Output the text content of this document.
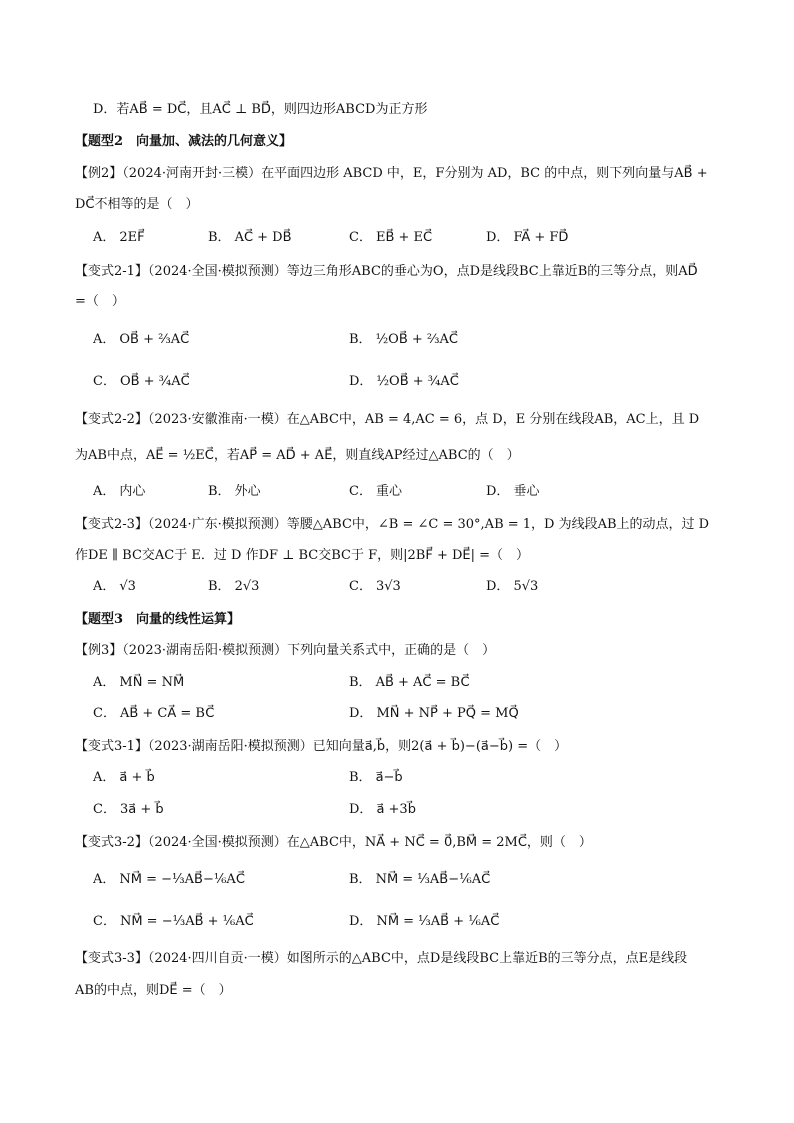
D．若AB⃗ = DC⃗，且AC⃗ ⊥ BD⃗，则四边形ABCD为正方形
【题型2　向量加、减法的几何意义】
【例2】（2024·河南开封·三模）在平面四边形 ABCD 中，E，F分别为 AD，BC 的中点，则下列向量与AB⃗ +
DC⃗不相等的是（　）
A． 2EF⃗	B． AC⃗ + DB⃗	C． EB⃗ + EC⃗	D． FA⃗ + FD⃗
【变式2-1】（2024·全国·模拟预测）等边三角形ABC的垂心为O，点D是线段BC上靠近B的三等分点，则AD⃗
=（　）
A． OB⃗ + ⅔AC⃗	B． ½OB⃗ + ⅔AC⃗
C． OB⃗ + ¾AC⃗	D． ½OB⃗ + ¾AC⃗
【变式2-2】（2023·安徽淮南·一模）在△ABC中，AB = 4,AC = 6，点 D，E 分别在线段AB，AC上，且 D
为AB中点，AE⃗ = ½EC⃗，若AP⃗ = AD⃗ + AE⃗，则直线AP经过△ABC的（　）
A． 内心	B． 外心	C． 重心	D． 垂心
【变式2-3】（2024·广东·模拟预测）等腰△ABC中，∠B = ∠C = 30°,AB = 1，D 为线段AB上的动点，过 D
作DE ∥ BC交AC于 E．过 D 作DF ⊥ BC交BC于 F，则|2BF⃗ + DE⃗| =（　）
A． √3	B． 2√3	C． 3√3	D． 5√3
【题型3　向量的线性运算】
【例3】（2023·湖南岳阳·模拟预测）下列向量关系式中，正确的是（　）
A． MN⃗ = NM⃗	B． AB⃗ + AC⃗ = BC⃗
C． AB⃗ + CA⃗ = BC⃗	D． MN⃗ + NP⃗ + PQ⃗ = MQ⃗
【变式3-1】（2023·湖南岳阳·模拟预测）已知向量a⃗,b⃗，则2(a⃗ + b⃗)−(a⃗−b⃗) =（　）
A． a⃗ + b⃗	B． a⃗−b⃗
C． 3a⃗ + b⃗	D． a⃗ +3b⃗
【变式3-2】（2024·全国·模拟预测）在△ABC中，NA⃗ + NC⃗ = 0⃗,BM⃗ = 2MC⃗，则（　）
A． NM⃗ = −⅓AB⃗−⅙AC⃗	B． NM⃗ = ⅓AB⃗−⅙AC⃗
C． NM⃗ = −⅓AB⃗ + ⅙AC⃗	D． NM⃗ = ⅓AB⃗ + ⅙AC⃗
【变式3-3】（2024·四川自贡·一模）如图所示的△ABC中，点D是线段BC上靠近B的三等分点，点E是线段
AB的中点，则DE⃗ =（　）
